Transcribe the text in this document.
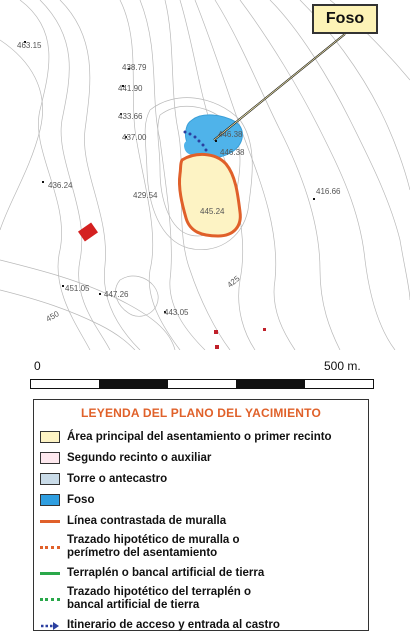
463.15
438.79
441.90
433.66
437.00
436.24
446.38
446.38
445.24
429.54	416.66
451.05
447.26
443.05
450
425
Foso
0	500 m.
LEYENDA DEL PLANO DEL YACIMIENTO
Área principal del asentamiento o primer recinto
Segundo recinto o auxiliar
Torre o antecastro
Foso
Línea contrastada de muralla
Trazado hipotético de muralla o
perímetro del asentamiento
Terraplén o bancal artificial de tierra
Trazado hipotético del terraplén o
bancal artificial de tierra
Itinerario de acceso y entrada al castro
